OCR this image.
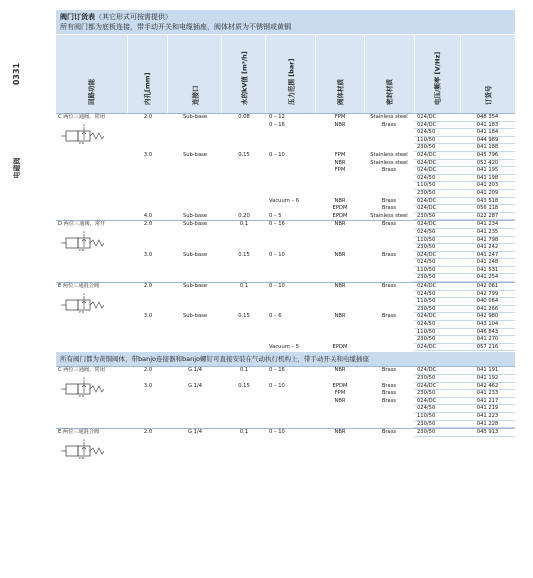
0331
电磁阀
阀门订货表（其它形式可按需提供）
所有阀门都为底板连接，带手动开关和电缆插座，阀体材质为不锈钢或黄铜
回路功能	内孔[mm]	连接口	水的kV值 [m³/h]	压力范围 [bar]	阀体材质	密封材质	电压/频率 [V/Hz]	订货号
C 两位三通阀，常闭
A
P R
2.0	Sub-base	0.08	0 – 12	FPM	Stainless steel	024/DC	048 354
0 – 16	NBR	Brass	024/DC	041 183
024/50	041 184
110/50	044 989
230/50	041 188
3.0	Sub-base	0.15	0 – 10	FPM	Stainless steel	024/DC	045 796
NBR	Stainless steel	024/DC	052 420
FPM	Brass	024/DC	041 195
024/50	041 198
110/50	041 203
230/50	041 209
Vacuum – 6	NBR	Brass	024/DC	043 518
EPDM	Brass	024/DC	056 118
4.0	Sub-base	0.20	0 – 5	EPDM	Stainless steel	230/50	022 287
D 两位三通阀，常开
A
P R
2.0	Sub-base	0.1	0 – 16	NBR	Brass	024/DC	041 234
024/50	041 235
110/50	041 798
230/50	041 242
3.0	Sub-base	0.15	0 – 10	NBR	Brass	024/DC	041 247
024/50	041 248
110/50	041 531
230/50	041 254
E 两位三通混合阀
A
P R
2.0	Sub-base	0.1	0 – 10	NBR	Brass	024/DC	042 061
024/50	042 799
110/50	040 064
230/50	041 266
3.0	Sub-base	0.15	0 – 6	NBR	Brass	024/DC	042 980
024/50	043 104
110/50	046 843
230/50	041 270
Vacuum – 5	EPDM	024/DC	057 216
所有阀门都为黄铜阀体，带banjo连接器和banjo螺钉可直接安装在气动执行机构上，带手动开关和电缆插座
C 两位三通阀，常闭
A
P R
2.0	G 1/4	0.1	0 – 16	NBR	Brass	024/DC	041 191
230/50	041 192
3.0	G 1/4	0.15	0 – 10	EPDM	Brass	024/DC	042 462
FPM	Brass	230/50	041 233
NBR	Brass	024/DC	041 217
024/50	041 219
110/50	041 223
230/50	041 228
E 两位三通混合阀
A
P R
2.0	G 1/4	0.1	0 – 10	NBR	Brass	230/50	043 913
